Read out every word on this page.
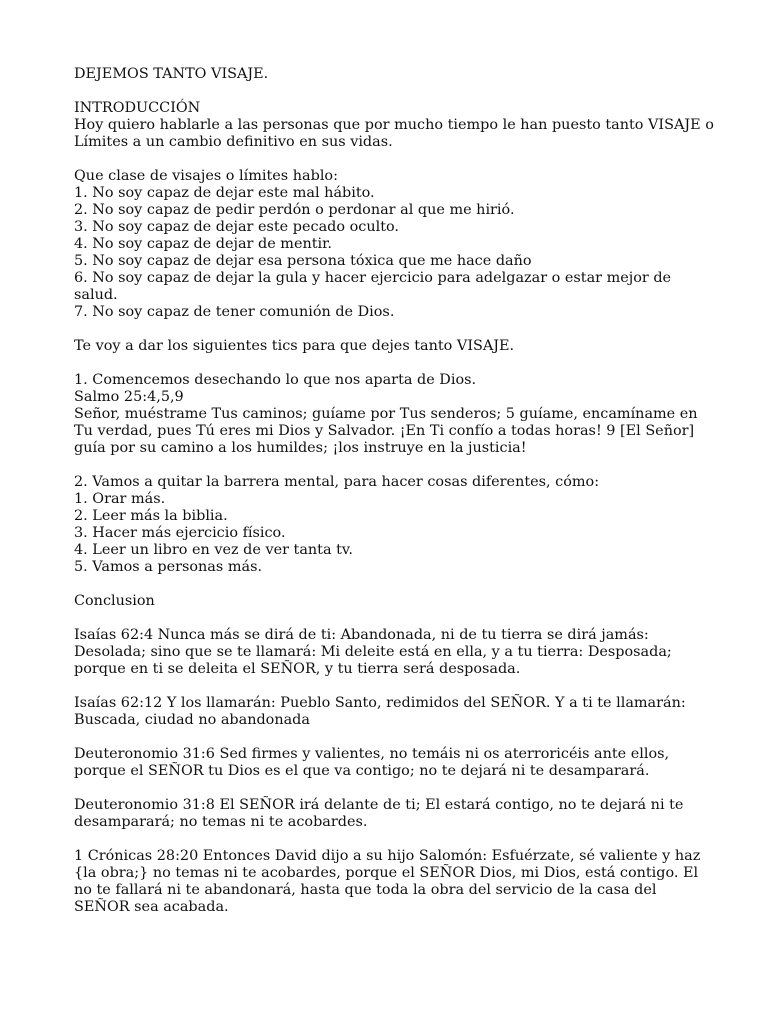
DEJEMOS TANTO VISAJE.
INTRODUCCIÓN
Hoy quiero hablarle a las personas que por mucho tiempo le han puesto tanto VISAJE o Límites a un cambio definitivo en sus vidas.
Que clase de visajes o límites hablo:
1. No soy capaz de dejar este mal hábito.
2. No soy capaz de pedir perdón o perdonar al que me hirió.
3. No soy capaz de dejar este pecado oculto.
4. No soy capaz de dejar de mentir.
5. No soy capaz de dejar esa persona tóxica que me hace daño
6. No soy capaz de dejar la gula y hacer ejercicio para adelgazar o estar mejor de salud.
7. No soy capaz de tener comunión de Dios.
Te voy a dar los siguientes tics para que dejes tanto VISAJE.
1. Comencemos desechando lo que nos aparta de Dios.
Salmo 25:4,5,9
Señor, muéstrame Tus caminos; guíame por Tus senderos; 5 guíame, encamíname en Tu verdad, pues Tú eres mi Dios y Salvador. ¡En Ti confío a todas horas! 9 [El Señor] guía por su camino a los humildes; ¡los instruye en la justicia!
2. Vamos a quitar la barrera mental, para hacer cosas diferentes, cómo:
1. Orar más.
2. Leer más la biblia.
3. Hacer más ejercicio físico.
4. Leer un libro en vez de ver tanta tv.
5. Vamos a personas más.
Conclusion
Isaías 62:4 Nunca más se dirá de ti: Abandonada, ni de tu tierra se dirá jamás: Desolada; sino que se te llamará: Mi deleite está en ella, y a tu tierra: Desposada; porque en ti se deleita el SEÑOR, y tu tierra será desposada.
Isaías 62:12 Y los llamarán: Pueblo Santo, redimidos del SEÑOR. Y a ti te llamarán: Buscada, ciudad no abandonada
Deuteronomio 31:6 Sed firmes y valientes, no temáis ni os aterroricéis ante ellos, porque el SEÑOR tu Dios es el que va contigo; no te dejará ni te desamparará.
Deuteronomio 31:8 El SEÑOR irá delante de ti; El estará contigo, no te dejará ni te desamparará; no temas ni te acobardes.
1 Crónicas 28:20 Entonces David dijo a su hijo Salomón: Esfuérzate, sé valiente y haz {la obra;} no temas ni te acobardes, porque el SEÑOR Dios, mi Dios, está contigo. El no te fallará ni te abandonará, hasta que toda la obra del servicio de la casa del SEÑOR sea acabada.
